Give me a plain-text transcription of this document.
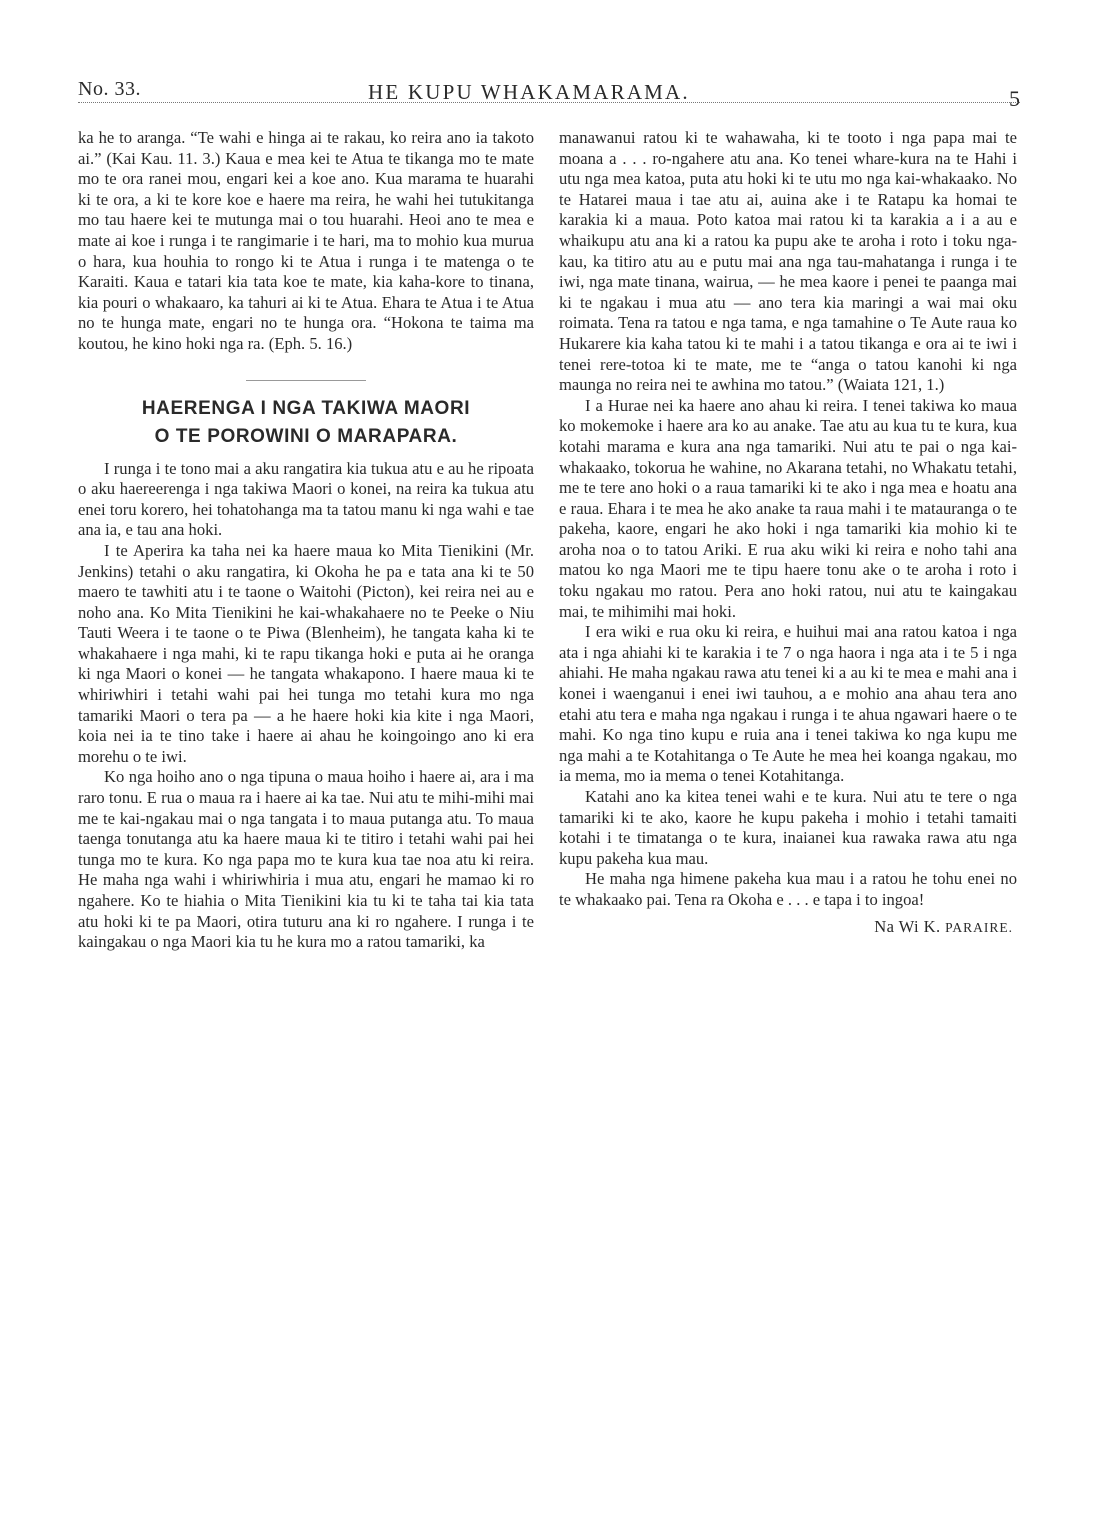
No. 33.	HE KUPU WHAKAMARAMA.	5

ka he to aranga. “Te wahi e hinga ai te rakau, ko reira ano ia takoto ai.” (Kai Kau. 11. 3.) Kaua e mea kei te Atua te tikanga mo te mate mo te ora ranei mou, engari kei a koe ano. Kua marama te huarahi ki te ora, a ki te kore koe e haere ma reira, he wahi hei tutukitanga mo tau haere kei te mutunga mai o tou huarahi. Heoi ano te mea e mate ai koe i runga i te rangimarie i te hari, ma to mohio kua murua o hara, kua houhia to rongo ki te Atua i runga i te matenga o te Karaiti. Kaua e tatari kia tata koe te mate, kia kaha-kore to tinana, kia pouri o whakaaro, ka tahuri ai ki te Atua. Ehara te Atua i te Atua no te hunga mate, engari no te hunga ora. “Hokona te taima ma koutou, he kino hoki nga ra. (Eph. 5. 16.)

HAERENGA I NGA TAKIWA MAORI
O TE POROWINI O MARAPARA.

I runga i te tono mai a aku rangatira kia tukua atu e au he ripoata o aku haereerenga i nga takiwa Maori o konei, na reira ka tukua atu enei toru korero, hei tohatohanga ma ta tatou manu ki nga wahi e tae ana ia, e tau ana hoki.

I te Aperira ka taha nei ka haere maua ko Mita Tienikini (Mr. Jenkins) tetahi o aku rangatira, ki Okoha he pa e tata ana ki te 50 maero te tawhiti atu i te taone o Waitohi (Picton), kei reira nei au e noho ana. Ko Mita Tienikini he kai-whakahaere no te Peeke o Niu Tauti Weera i te taone o te Piwa (Blenheim), he tangata kaha ki te whakahaere i nga mahi, ki te rapu tikanga hoki e puta ai he oranga ki nga Maori o konei — he tangata whakapono. I haere maua ki te whiriwhiri i tetahi wahi pai hei tunga mo tetahi kura mo nga tamariki Maori o tera pa — a he haere hoki kia kite i nga Maori, koia nei ia te tino take i haere ai ahau he koingoingo ano ki era morehu o te iwi.

Ko nga hoiho ano o nga tipuna o maua hoiho i haere ai, ara i ma raro tonu. E rua o maua ra i haere ai ka tae. Nui atu te mihi-mihi mai me te kai-ngakau mai o nga tangata i to maua putanga atu. To maua taenga tonutanga atu ka haere maua ki te titiro i tetahi wahi pai hei tunga mo te kura. Ko nga papa mo te kura kua tae noa atu ki reira. He maha nga wahi i whiriwhiria i mua atu, engari he mamao ki ro ngahere. Ko te hiahia o Mita Tienikini kia tu ki te taha tai kia tata atu hoki ki te pa Maori, otira tuturu ana ki ro ngahere. I runga i te kaingakau o nga Maori kia tu he kura mo a ratou tamariki, ka

manawanui ratou ki te wahawaha, ki te tooto i nga papa mai te moana a . . . ro-ngahere atu ana. Ko tenei whare-kura na te Hahi i utu nga mea katoa, puta atu hoki ki te utu mo nga kai-whakaako. No te Hatarei maua i tae atu ai, auina ake i te Ratapu ka homai te karakia ki a maua. Poto katoa mai ratou ki ta karakia a i a au e whaikupu atu ana ki a ratou ka pupu ake te aroha i roto i toku nga-kau, ka titiro atu au e putu mai ana nga tau-mahatanga i runga i te iwi, nga mate tinana, wairua, — he mea kaore i penei te paanga mai ki te ngakau i mua atu — ano tera kia maringi a wai mai oku roimata. Tena ra tatou e nga tama, e nga tamahine o Te Aute raua ko Hukarere kia kaha tatou ki te mahi i a tatou tikanga e ora ai te iwi i tenei rere-totoa ki te mate, me te “anga o tatou kanohi ki nga maunga no reira nei te awhina mo tatou.” (Waiata 121, 1.)

I a Hurae nei ka haere ano ahau ki reira. I tenei takiwa ko maua ko mokemoke i haere ara ko au anake. Tae atu au kua tu te kura, kua kotahi marama e kura ana nga tamariki. Nui atu te pai o nga kai-whakaako, tokorua he wahine, no Akarana tetahi, no Whakatu tetahi, me te tere ano hoki o a raua tamariki ki te ako i nga mea e hoatu ana e raua. Ehara i te mea he ako anake ta raua mahi i te matauranga o te pakeha, kaore, engari he ako hoki i nga tamariki kia mohio ki te aroha noa o to tatou Ariki. E rua aku wiki ki reira e noho tahi ana matou ko nga Maori me te tipu haere tonu ake o te aroha i roto i toku ngakau mo ratou. Pera ano hoki ratou, nui atu te kaingakau mai, te mihimihi mai hoki.

I era wiki e rua oku ki reira, e huihui mai ana ratou katoa i nga ata i nga ahiahi ki te karakia i te 7 o nga haora i nga ata i te 5 i nga ahiahi. He maha ngakau rawa atu tenei ki a au ki te mea e mahi ana i konei i waenganui i enei iwi tauhou, a e mohio ana ahau tera ano etahi atu tera e maha nga ngakau i runga i te ahua ngawari haere o te mahi. Ko nga tino kupu e ruia ana i tenei takiwa ko nga kupu me nga mahi a te Kotahitanga o Te Aute he mea hei koanga ngakau, mo ia mema, mo ia mema o tenei Kotahitanga.

Katahi ano ka kitea tenei wahi e te kura. Nui atu te tere o nga tamariki ki te ako, kaore he kupu pakeha i mohio i tetahi tamaiti kotahi i te timatanga o te kura, inaianei kua rawaka rawa atu nga kupu pakeha kua mau.

He maha nga himene pakeha kua mau i a ratou he tohu enei no te whakaako pai. Tena ra Okoha e . . . e tapa i to ingoa!

Na Wi K. PARAIRE.
